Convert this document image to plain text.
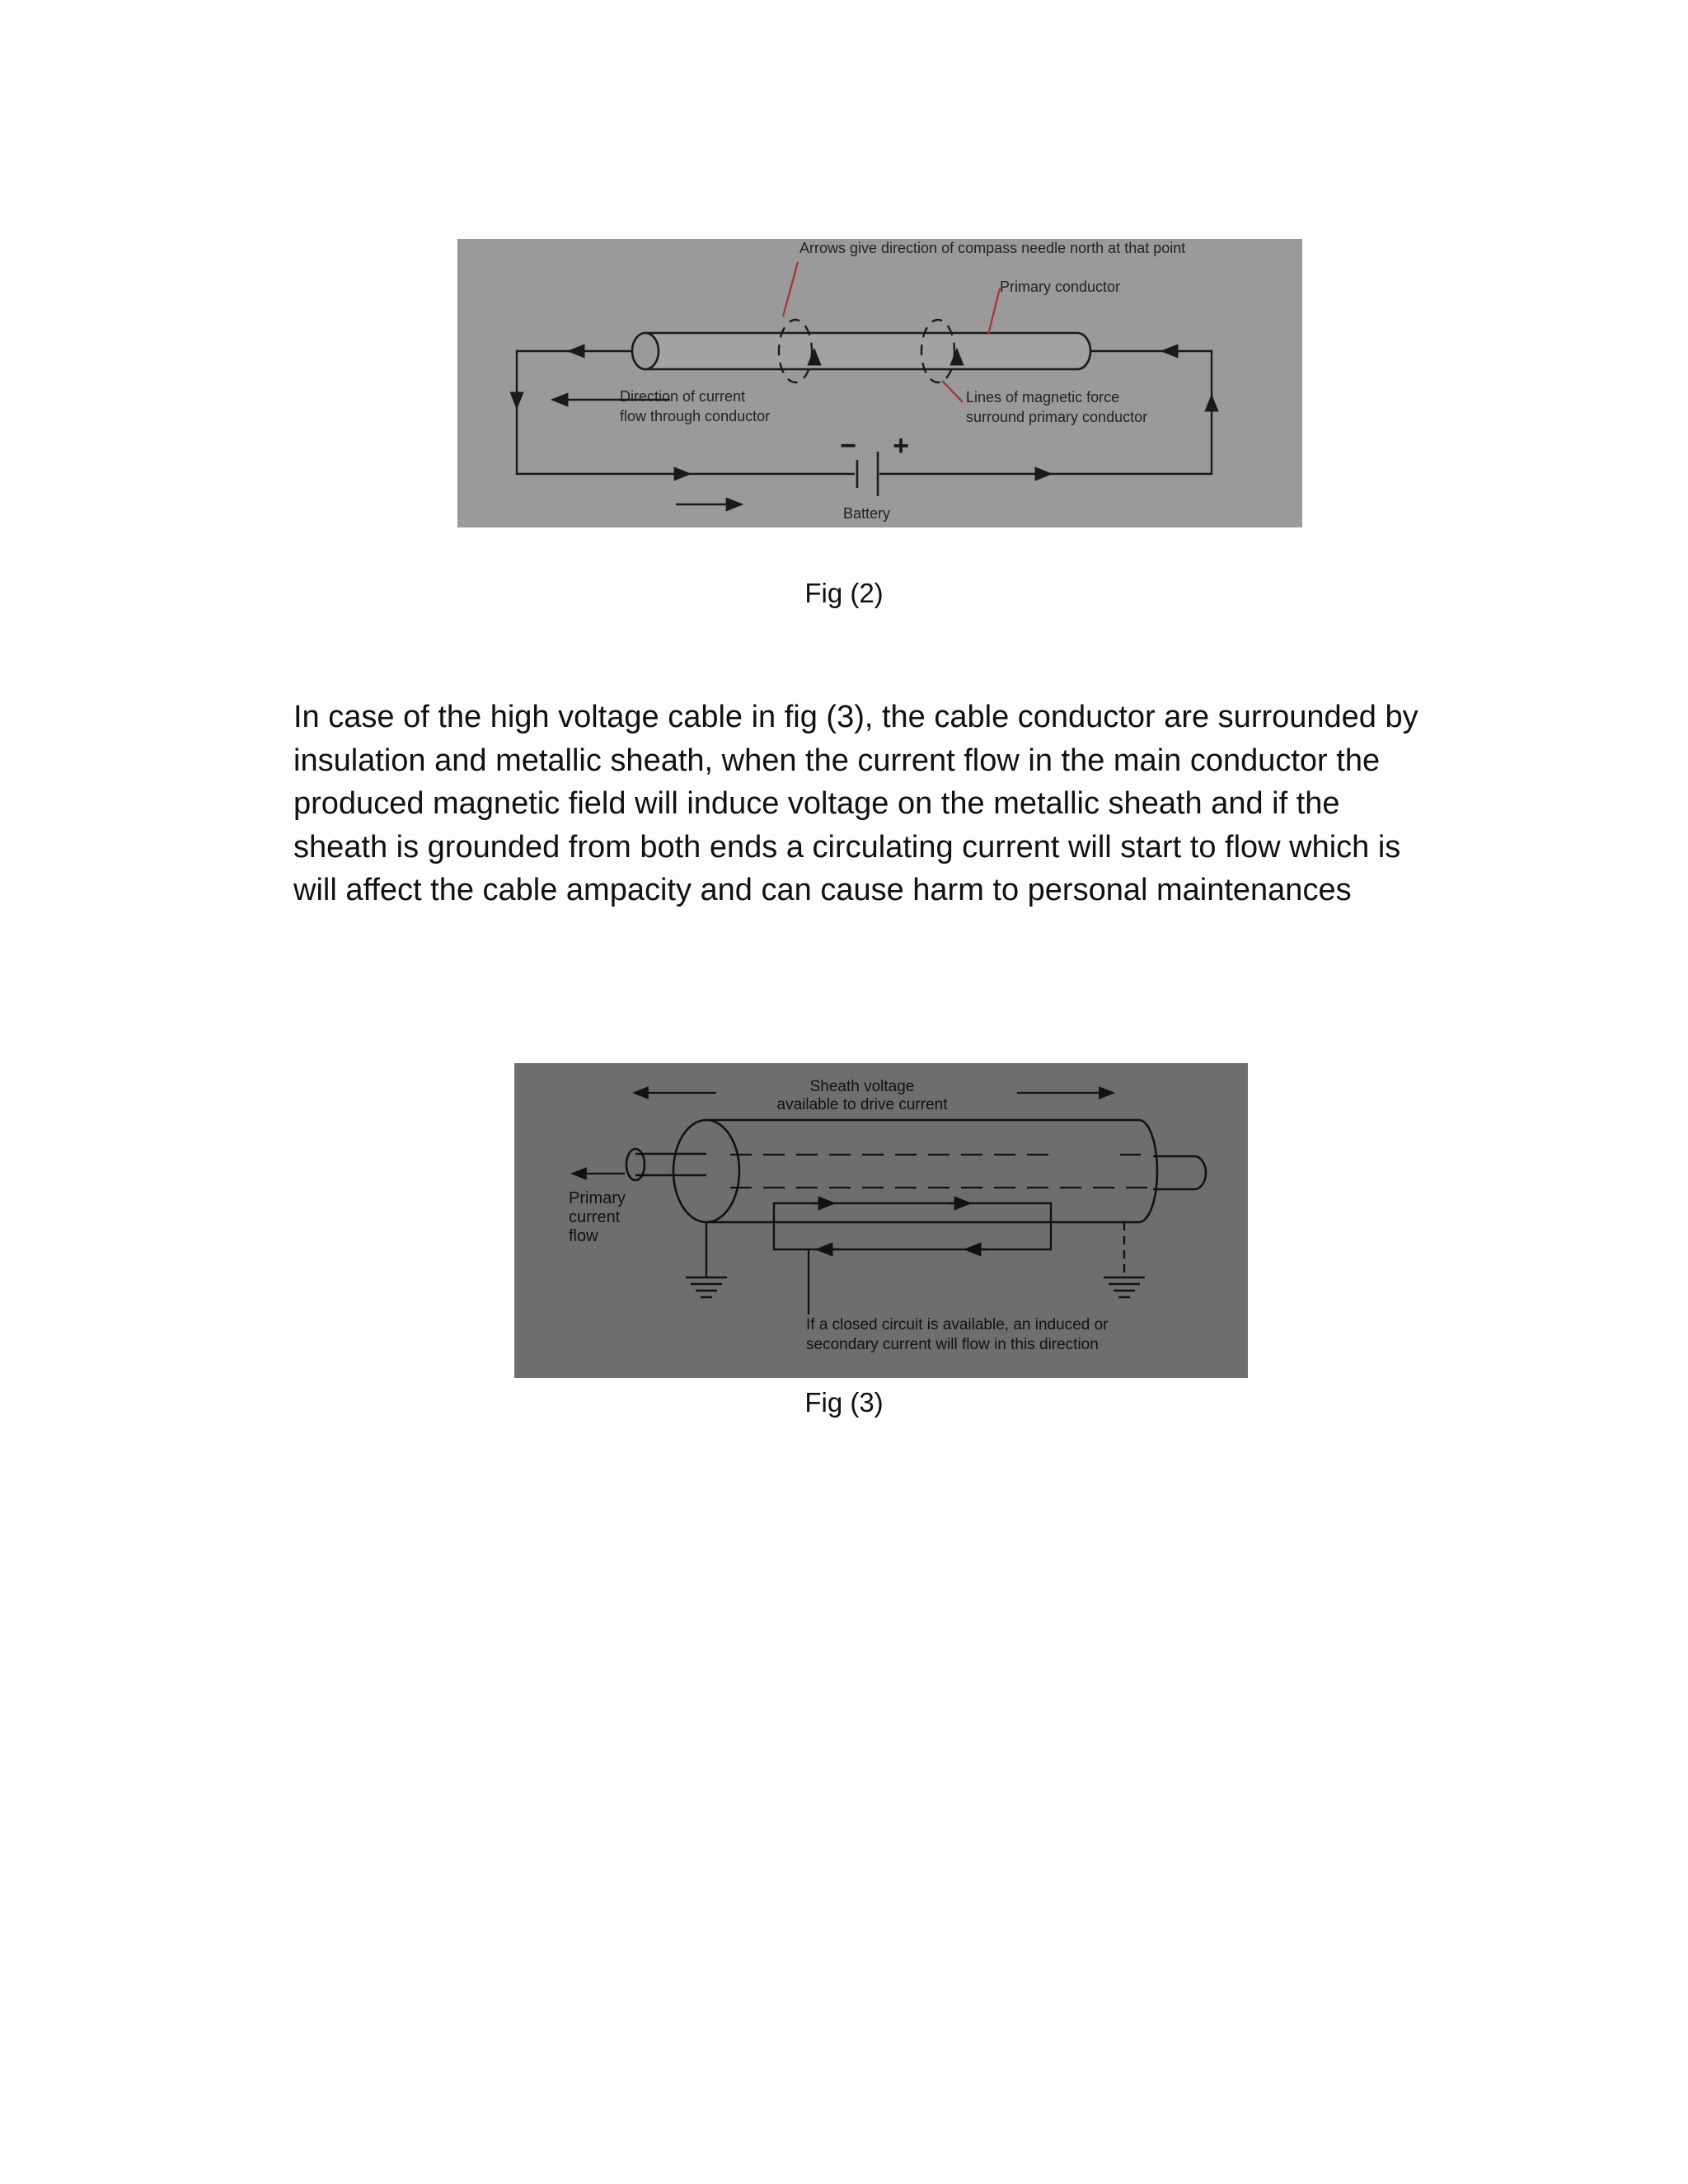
− +
Arrows give direction of compass needle north at that point
Primary conductor
Direction of current
flow through conductor
Lines of magnetic force
surround primary conductor
Battery
Fig (2)

In case of the high voltage cable in fig (3), the cable conductor are surrounded by
insulation and metallic sheath, when the current flow in the main conductor the
produced magnetic field will induce voltage on the metallic sheath and if the
sheath is grounded from both ends a circulating current will start to flow which is
will affect the cable ampacity and can cause harm to personal maintenances

Sheath voltage
available to drive current
Primary
current
flow
If a closed circuit is available, an induced or
secondary current will flow in this direction
Fig (3)
